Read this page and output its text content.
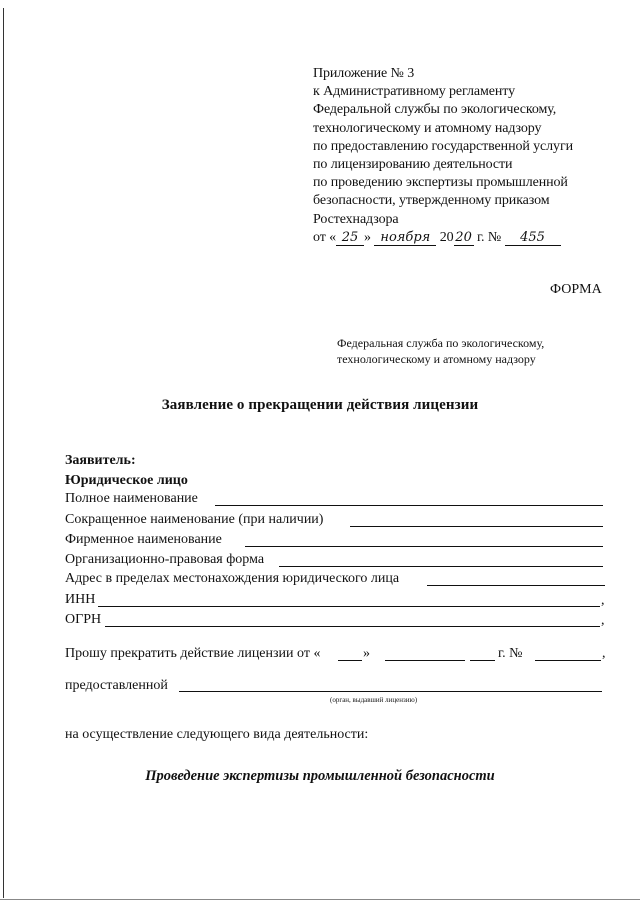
Приложение № 3
к Административному регламенту
Федеральной службы по экологическому,
технологическому и атомному надзору
по предоставлению государственной услуги
по лицензированию деятельности
по проведению экспертизы промышленной
безопасности, утвержденному приказом
Ростехнадзора
от « 25 » ноября 20 20 г. № 455
ФОРМА
Федеральная служба по экологическому,
технологическому и атомному надзору
Заявление о прекращении действия лицензии
Заявитель:
Юридическое лицо
Полное наименование
Сокращенное наименование (при наличии)
Фирменное наименование
Организационно-правовая форма
Адрес в пределах местонахождения юридического лица
ИНН	,
ОГРН	,
Прошу прекратить действие лицензии от «	»	г. №	,
предоставленной
(орган, выдавший лицензию)
на осуществление следующего вида деятельности:
Проведение экспертизы промышленной безопасности
